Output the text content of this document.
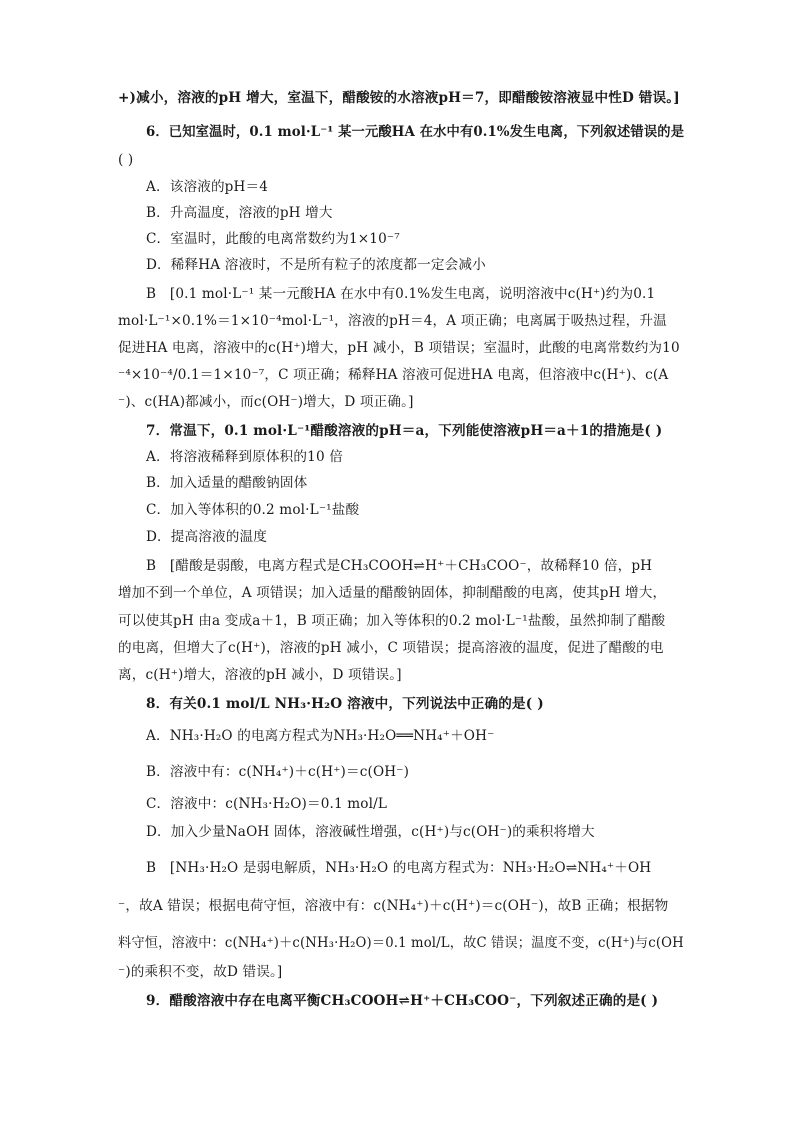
+)减小，溶液的pH 增大，室温下，醋酸铵的水溶液pH＝7，即醋酸铵溶液显中性D 错误。]
6．已知室温时，0.1 mol·L⁻¹ 某一元酸HA 在水中有0.1%发生电离，下列叙述错误的是
( )
A．该溶液的pH＝4
B．升高温度，溶液的pH 增大
C．室温时，此酸的电离常数约为1×10⁻⁷
D．稀释HA 溶液时，不是所有粒子的浓度都一定会减小
B　[0.1 mol·L⁻¹ 某一元酸HA 在水中有0.1%发生电离，说明溶液中c(H⁺)约为0.1
mol·L⁻¹×0.1%＝1×10⁻⁴mol·L⁻¹，溶液的pH＝4，A 项正确；电离属于吸热过程，升温
促进HA 电离，溶液中的c(H⁺)增大，pH 减小，B 项错误；室温时，此酸的电离常数约为10
⁻⁴×10⁻⁴/0.1＝1×10⁻⁷，C 项正确；稀释HA 溶液可促进HA 电离，但溶液中c(H⁺)、c(A
⁻)、c(HA)都减小，而c(OH⁻)增大，D 项正确。]
7．常温下，0.1 mol·L⁻¹醋酸溶液的pH＝a，下列能使溶液pH＝a＋1的措施是( )
A．将溶液稀释到原体积的10 倍
B．加入适量的醋酸钠固体
C．加入等体积的0.2 mol·L⁻¹盐酸
D．提高溶液的温度
B　[醋酸是弱酸，电离方程式是CH₃COOH⇌H⁺＋CH₃COO⁻，故稀释10 倍，pH
增加不到一个单位，A 项错误；加入适量的醋酸钠固体，抑制醋酸的电离，使其pH 增大，
可以使其pH 由a 变成a＋1，B 项正确；加入等体积的0.2 mol·L⁻¹盐酸，虽然抑制了醋酸
的电离，但增大了c(H⁺)，溶液的pH 减小，C 项错误；提高溶液的温度，促进了醋酸的电
离，c(H⁺)增大，溶液的pH 减小，D 项错误。]
8．有关0.1 mol/L NH₃·H₂O 溶液中，下列说法中正确的是( )
A．NH₃·H₂O 的电离方程式为NH₃·H₂O══NH₄⁺＋OH⁻
B．溶液中有：c(NH₄⁺)＋c(H⁺)＝c(OH⁻)
C．溶液中：c(NH₃·H₂O)＝0.1 mol/L
D．加入少量NaOH 固体，溶液碱性增强，c(H⁺)与c(OH⁻)的乘积将增大
B　[NH₃·H₂O 是弱电解质，NH₃·H₂O 的电离方程式为：NH₃·H₂O⇌NH₄⁺＋OH
⁻，故A 错误；根据电荷守恒，溶液中有：c(NH₄⁺)＋c(H⁺)＝c(OH⁻)，故B 正确；根据物
料守恒，溶液中：c(NH₄⁺)＋c(NH₃·H₂O)＝0.1 mol/L，故C 错误；温度不变，c(H⁺)与c(OH
⁻)的乘积不变，故D 错误。]
9．醋酸溶液中存在电离平衡CH₃COOH⇌H⁺＋CH₃COO⁻，下列叙述正确的是( )
